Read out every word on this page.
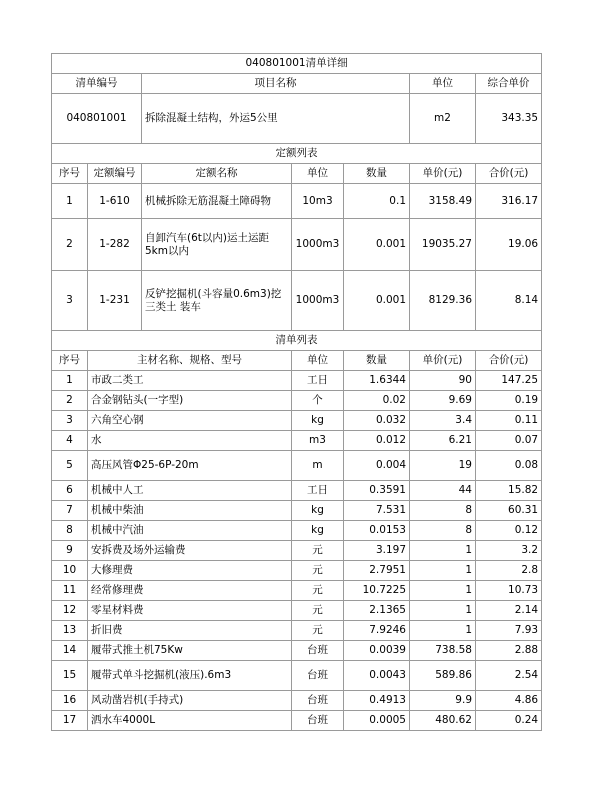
040801001清单详细						
清单编号		项目名称			单位	综合单价
040801001		拆除混凝土结构，外运5公里			m2	343.35
定额列表						
序号	定额编号	定额名称	单位	数量	单价(元)	合价(元)
1	1-610	机械拆除无筋混凝土障碍物	10m3	0.1	3158.49	316.17
2	1-282	自卸汽车(6t以内)运土运距5km以内	1000m3	0.001	19035.27	19.06
3	1-231	反铲挖掘机(斗容量0.6m3)挖三类土 装车	1000m3	0.001	8129.36	8.14
清单列表						
序号	主材名称、规格、型号		单位	数量	单价(元)	合价(元)
1	市政二类工		工日	1.6344	90	147.25
2	合金钢钻头(一字型)		个	0.02	9.69	0.19
3	六角空心钢		kg	0.032	3.4	0.11
4	水		m3	0.012	6.21	0.07
5	高压风管Φ25-6P-20m		m	0.004	19	0.08
6	机械中人工		工日	0.3591	44	15.82
7	机械中柴油		kg	7.531	8	60.31
8	机械中汽油		kg	0.0153	8	0.12
9	安拆费及场外运输费		元	3.197	1	3.2
10	大修理费		元	2.7951	1	2.8
11	经常修理费		元	10.7225	1	10.73
12	零星材料费		元	2.1365	1	2.14
13	折旧费		元	7.9246	1	7.93
14	履带式推土机75Kw		台班	0.0039	738.58	2.88
15	履带式单斗挖掘机(液压).6m3		台班	0.0043	589.86	2.54
16	风动凿岩机(手持式)		台班	0.4913	9.9	4.86
17	洒水车4000L		台班	0.0005	480.62	0.24
